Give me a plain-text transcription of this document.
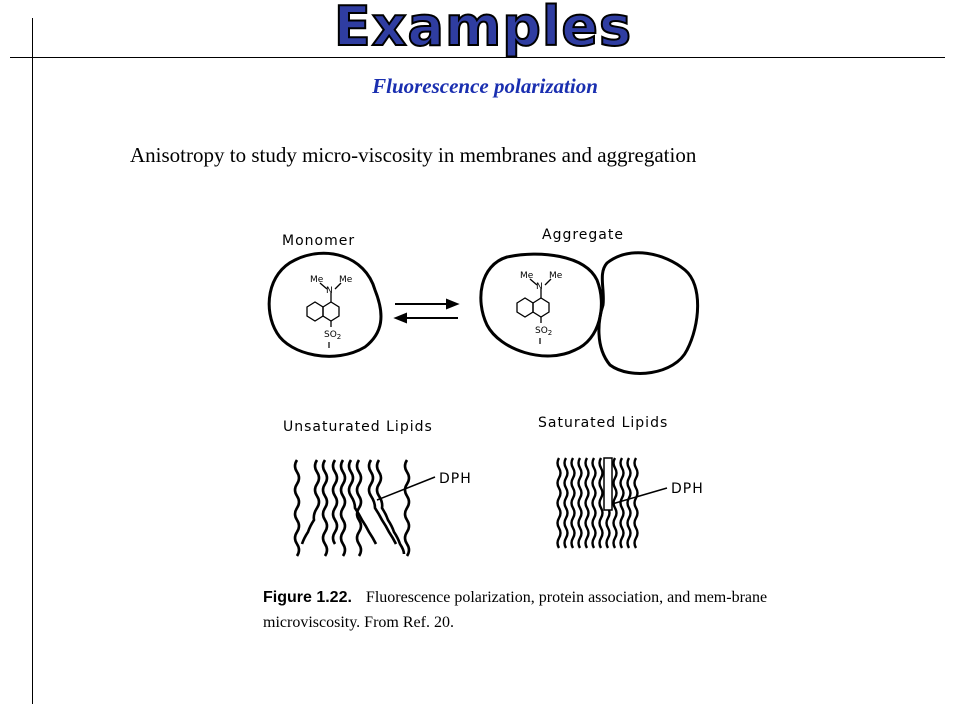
Examples
Fluorescence polarization
Anisotropy to study micro-viscosity in membranes and aggregation
Monomer	Aggregate
Me Me
N
$SO_2$
Me Me
N
$SO_2$
Unsaturated Lipids	Saturated Lipids
DPH
DPH
Figure 1.22. Fluorescence polarization, protein association, and mem-brane microviscosity. From Ref. 20.
